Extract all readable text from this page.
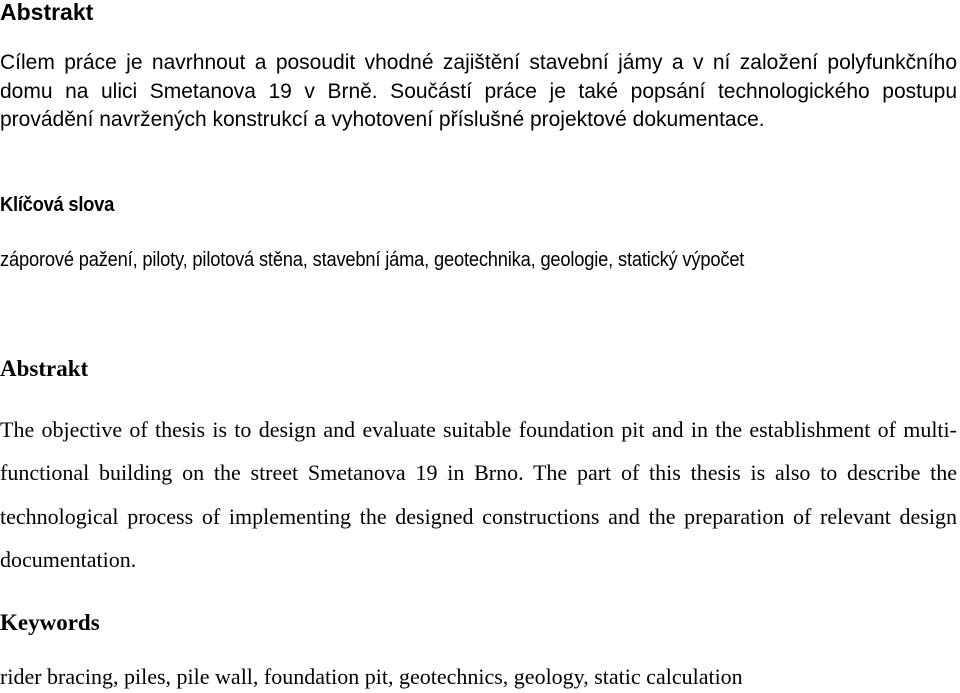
Abstrakt

Cílem práce je navrhnout a posoudit vhodné zajištění stavební jámy a v ní založení polyfunkčního domu na ulici Smetanova 19 v Brně. Součástí práce je také popsání technologického postupu provádění navržených konstrukcí a vyhotovení příslušné projektové dokumentace.

Klíčová slova

záporové pažení, piloty, pilotová stěna, stavební jáma, geotechnika, geologie, statický výpočet

Abstrakt

The objective of thesis is to design and evaluate suitable foundation pit and in the establishment of multi-functional building on the street Smetanova 19 in Brno. The part of this thesis is also to describe the technological process of implementing the designed constructions and the preparation of relevant design documentation.

Keywords

rider bracing, piles, pile wall, foundation pit, geotechnics, geology, static calculation
